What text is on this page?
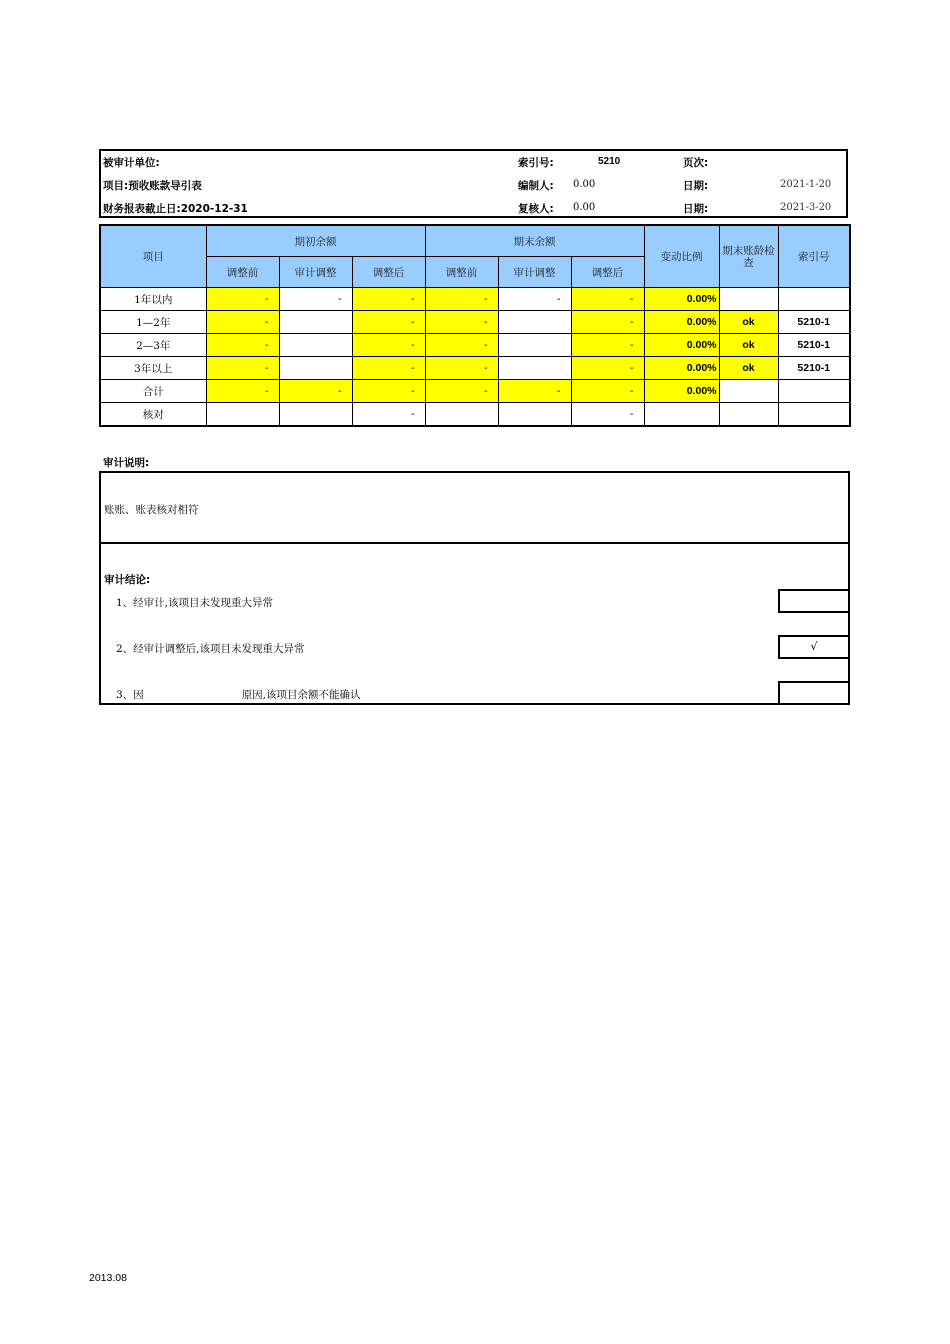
被审计单位:	索引号:	5210	页次:
项目:预收账款导引表	编制人: 0.00	日期:	2021-1-20
财务报表截止日:2020-12-31	复核人: 0.00	日期:	2021-3-20
项目	期初余额			期末余额			变动比例	期末账龄检查	索引号
	调整前	审计调整	调整后	调整前	审计调整	调整后			
1年以内	-	-	-	-	-	-	0.00%		
1—2年	-		-	-		-	0.00%	ok	5210-1
2—3年	-		-	-		-	0.00%	ok	5210-1
3年以上	-		-	-		-	0.00%	ok	5210-1
合计	-	-	-	-	-	-	0.00%		
核对			-			-			
审计说明:
账账、账表核对相符
审计结论:
1、经审计,该项目未发现重大异常
2、经审计调整后,该项目未发现重大异常	√
3、因	原因,该项目余额不能确认
2013.08
